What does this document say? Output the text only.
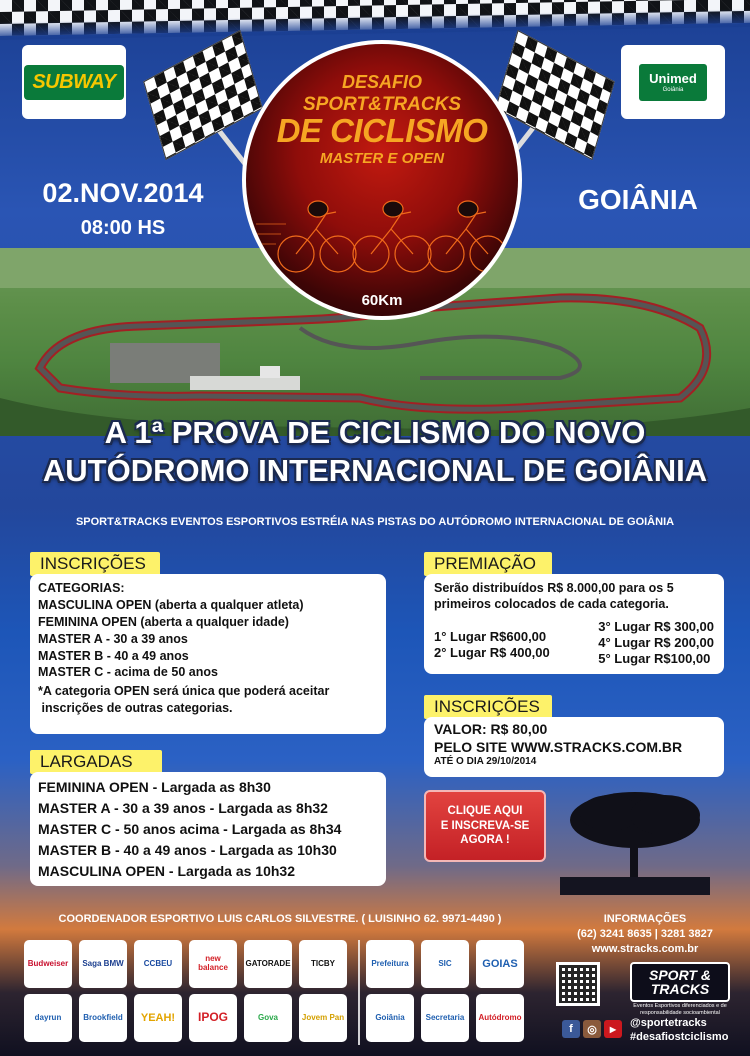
SUBWAY	Unimed
Goiânia
02.NOV.2014
08:00 HS
GOIÂNIA
DESAFIO
SPORT&TRACKS
DE CICLISMO
MASTER E OPEN
60Km
A 1ª PROVA DE CICLISMO DO NOVO
AUTÓDROMO INTERNACIONAL DE GOIÂNIA
SPORT&TRACKS EVENTOS ESPORTIVOS ESTRÉIA NAS PISTAS DO AUTÓDROMO INTERNACIONAL DE GOIÂNIA
INSCRIÇÕES
CATEGORIAS:
MASCULINA OPEN (aberta a qualquer atleta)
FEMININA OPEN (aberta a qualquer idade)
MASTER A - 30 a 39 anos
MASTER B - 40 a 49 anos
MASTER C - acima de 50 anos
*A categoria OPEN será única que poderá aceitar
inscrições de outras categorias.
LARGADAS
FEMININA OPEN - Largada as 8h30
MASTER A - 30 a 39 anos - Largada as 8h32
MASTER C - 50 anos acima - Largada as 8h34
MASTER B - 40 a 49 anos - Largada as 10h30
MASCULINA OPEN - Largada as 10h32
PREMIAÇÃO
Serão distribuídos R$ 8.000,00 para os 5 primeiros colocados de cada categoria.
1° Lugar R$600,00
2° Lugar R$ 400,00
3° Lugar R$ 300,00
4° Lugar R$ 200,00
5° Lugar R$100,00
INSCRIÇÕES
VALOR: R$ 80,00
PELO SITE WWW.STRACKS.COM.BR
ATÉ O DIA 29/10/2014
CLIQUE AQUI
E INSCREVA-SE
AGORA !
COORDENADOR ESPORTIVO LUIS CARLOS SILVESTRE. ( LUISINHO 62. 9971-4490 )	INFORMAÇÕES
(62) 3241 8635 | 3281 3827
www.stracks.com.br
Budweiser	Saga BMW	CCBEU	new balance	GATORADE	TICBY	Prefeitura	SIC	GOIAS
dayrun	Brookfield	YEAH!	IPOG	Gova	Jovem Pan	Goiânia	Secretaria	Autódromo
SPORT &
TRACKS
Eventos Esportivos diferenciados e de responsabilidade socioambiental
f	◎	▶	@sportetracks
#desafiostciclismo
